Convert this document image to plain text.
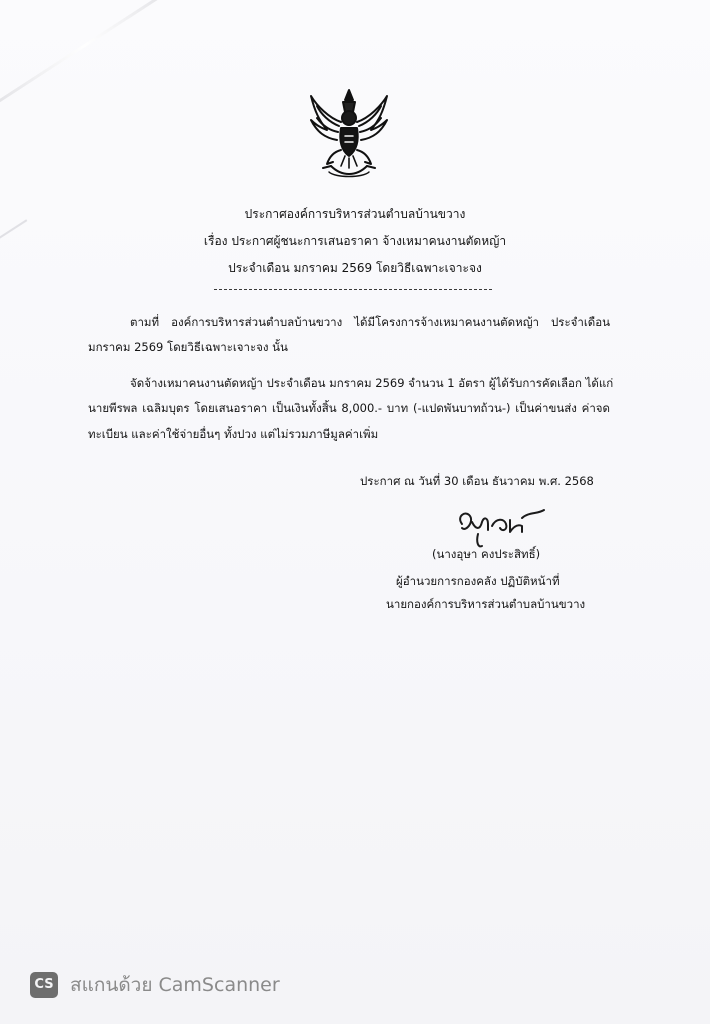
ประกาศองค์การบริหารส่วนตำบลบ้านขวาง
เรื่อง ประกาศผู้ชนะการเสนอราคา จ้างเหมาคนงานตัดหญ้า
ประจำเดือน มกราคม 2569 โดยวิธีเฉพาะเจาะจง
ตามที่ องค์การบริหารส่วนตำบลบ้านขวาง ได้มีโครงการจ้างเหมาคนงานตัดหญ้า ประจำเดือน
มกราคม 2569 โดยวิธีเฉพาะเจาะจง นั้น
จัดจ้างเหมาคนงานตัดหญ้า ประจำเดือน มกราคม 2569 จำนวน 1 อัตรา ผู้ได้รับการคัดเลือก ได้แก่
นายพีรพล เฉลิมบุตร โดยเสนอราคา เป็นเงินทั้งสิ้น 8,000.- บาท (-แปดพันบาทถ้วน-) เป็นค่าขนส่ง ค่าจด
ทะเบียน และค่าใช้จ่ายอื่นๆ ทั้งปวง แต่ไม่รวมภาษีมูลค่าเพิ่ม
ประกาศ ณ วันที่ 30 เดือน ธันวาคม พ.ศ. 2568
(นางอุษา คงประสิทธิ์)
ผู้อำนวยการกองคลัง ปฏิบัติหน้าที่
นายกองค์การบริหารส่วนตำบลบ้านขวาง
CS สแกนด้วย CamScanner
